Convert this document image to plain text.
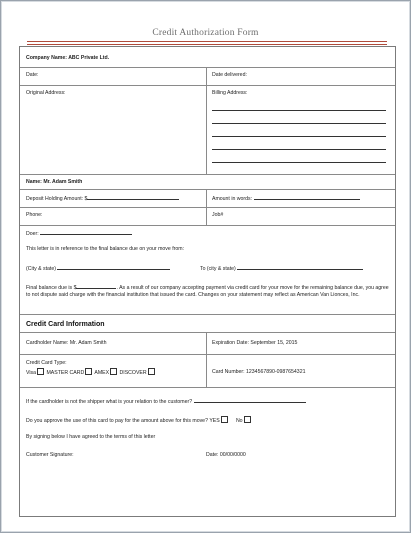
Credit Authorization Form
Company Name: ABC Private Ltd.
Date:	Date delivered:
Original Address:	Billing Address:
Name: Mr. Adam Smith
Deposit Holding Amount: $	Amount in words:
Phone:	Job#
Doer:
This letter is in reference to the final balance due on your move from:
(City & state)	To (city & state)
Final balance due is $	. As a result of our company accepting payment via credit card for your move for the remaining balance due, you agree to not dispute said charge with the financial institution that issued the card. Changes on your statement may reflect as American Van Lionces, Inc.
Credit Card Information
Cardholder Name: Mr. Adam Smith	Expiration Date: September 15, 2015
Credit Card Type:
Visa MASTER CARD AMEX DISCOVER	Card Number: 1234567890-0987654321
If the cardholder is not the shipper what is your relation to the customer?
Do you approve the use of this card to pay for the amount above for this move? YES	No
By signing below I have agreed to the terms of this letter
Customer Signature:	Date: 00/00/0000
